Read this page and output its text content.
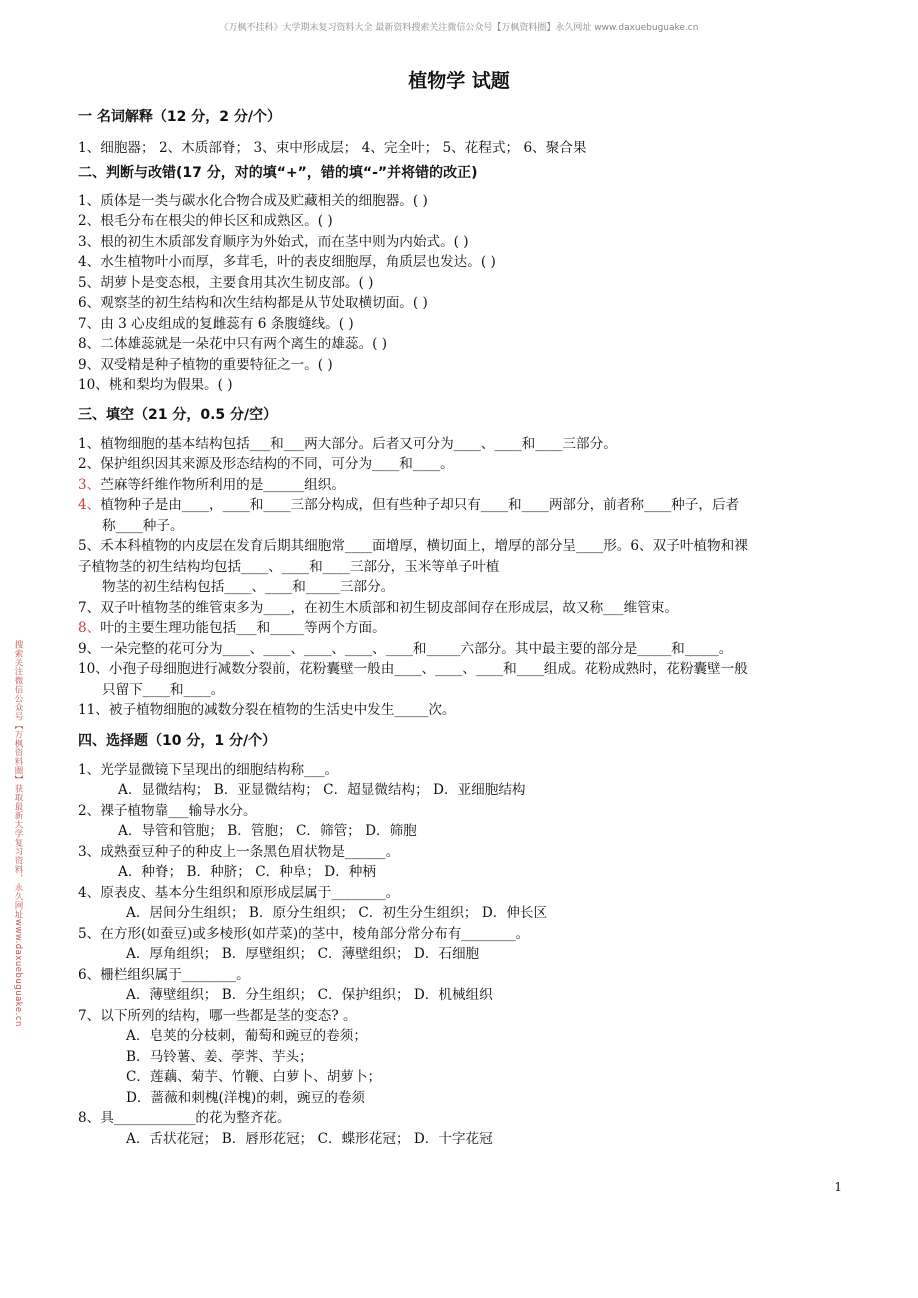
《万枫不挂科》大学期末复习资料大全 最新资料搜索关注微信公众号【万枫资料圈】永久网址 www.daxuebuguake.cn
搜索关注微信公众号【万枫资料圈】获取最新大学复习资料，永久网址www.daxuebuguake.cn
植物学 试题
一 名词解释（12 分，2 分/个）
1、细胞器； 2、木质部脊； 3、束中形成层； 4、完全叶； 5、花程式； 6、聚合果
二、判断与改错(17 分，对的填“+”，错的填“-”并将错的改正)
1、质体是一类与碳水化合物合成及贮藏相关的细胞器。( )
2、根毛分布在根尖的伸长区和成熟区。( )
3、根的初生木质部发育顺序为外始式，而在茎中则为内始式。( )
4、水生植物叶小而厚，多茸毛，叶的表皮细胞厚，角质层也发达。( )
5、胡萝卜是变态根，主要食用其次生韧皮部。( )
6、观察茎的初生结构和次生结构都是从节处取横切面。( )
7、由 3 心皮组成的复雌蕊有 6 条腹缝线。( )
8、二体雄蕊就是一朵花中只有两个离生的雄蕊。( )
9、双受精是种子植物的重要特征之一。( )
10、桃和梨均为假果。( )
三、填空（21 分，0.5 分/空）
1、植物细胞的基本结构包括___和___两大部分。后者又可分为____、____和____三部分。
2、保护组织因其来源及形态结构的不同，可分为____和____。
3、苎麻等纤维作物所利用的是______组织。
4、植物种子是由____，____和____三部分构成，但有些种子却只有____和____两部分，前者称____种子，后者
称____种子。
5、禾本科植物的内皮层在发育后期其细胞常____面增厚，横切面上，增厚的部分呈____形。6、双子叶植物和裸
子植物茎的初生结构均包括____、____和____三部分，玉米等单子叶植
物茎的初生结构包括____、____和_____三部分。
7、双子叶植物茎的维管束多为____，在初生木质部和初生韧皮部间存在形成层，故又称___维管束。
8、叶的主要生理功能包括___和_____等两个方面。
9、一朵完整的花可分为____、____、____、____、____和_____六部分。其中最主要的部分是_____和_____。
10、小孢子母细胞进行减数分裂前，花粉囊壁一般由____、____、____和____组成。花粉成熟时，花粉囊壁一般
只留下____和____。
11、被子植物细胞的减数分裂在植物的生活史中发生_____次。
四、选择题（10 分，1 分/个）
1、光学显微镜下呈现出的细胞结构称___。
A．显微结构； B．亚显微结构； C．超显微结构； D．亚细胞结构
2、裸子植物靠___输导水分。
A．导管和管胞； B．管胞； C．筛管； D．筛胞
3、成熟蚕豆种子的种皮上一条黑色眉状物是______。
A．种脊； B．种脐； C．种阜； D．种柄
4、原表皮、基本分生组织和原形成层属于________。
A．居间分生组织； B．原分生组织； C．初生分生组织； D．伸长区
5、在方形(如蚕豆)或多棱形(如芹菜)的茎中，棱角部分常分布有________。
A．厚角组织； B．厚壁组织； C．薄壁组织； D．石细胞
6、栅栏组织属于________。
A．薄壁组织； B．分生组织； C．保护组织； D．机械组织
7、以下所列的结构，哪一些都是茎的变态? 。
A．皂荚的分枝刺，葡萄和豌豆的卷须；
B．马铃薯、姜、荸荠、芋头；
C．莲藕、菊芋、竹鞭、白萝卜、胡萝卜；
D．蔷薇和刺槐(洋槐)的刺，豌豆的卷须
8、具____________的花为整齐花。
A．舌状花冠； B．唇形花冠； C．蝶形花冠； D．十字花冠
1
